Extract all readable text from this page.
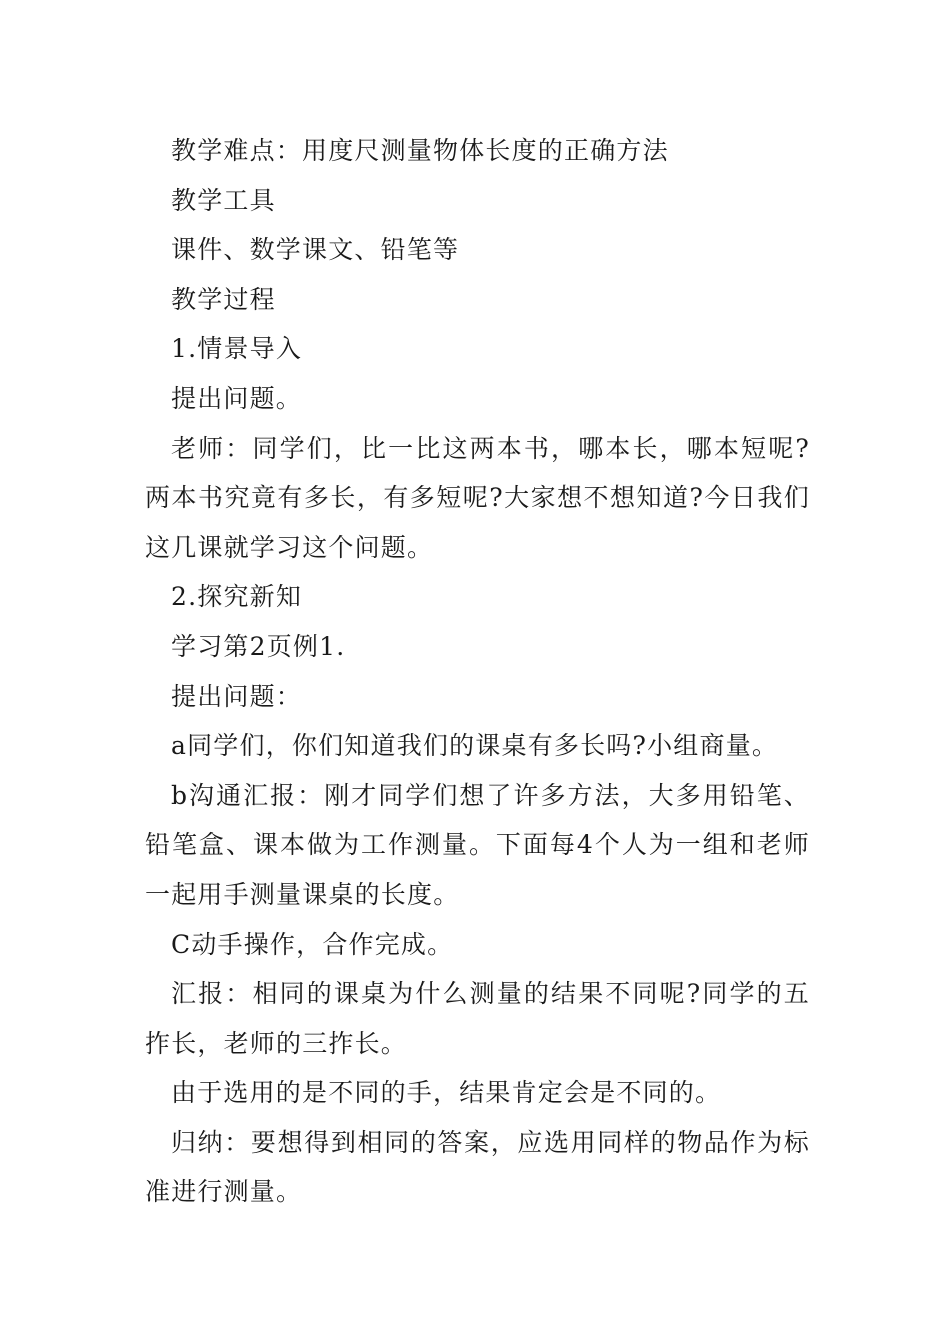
教学难点：用度尺测量物体长度的正确方法

教学工具

课件、数学课文、铅笔等

教学过程

1.情景导入

提出问题。

老师：同学们，比一比这两本书，哪本长，哪本短呢?两本书究竟有多长，有多短呢?大家想不想知道?今日我们这几课就学习这个问题。

2.探究新知

学习第2页例1.

提出问题：

a同学们，你们知道我们的课桌有多长吗?小组商量。

b沟通汇报：刚才同学们想了许多方法，大多用铅笔、铅笔盒、课本做为工作测量。下面每4个人为一组和老师一起用手测量课桌的长度。

C动手操作，合作完成。

汇报：相同的课桌为什么测量的结果不同呢?同学的五拃长，老师的三拃长。

由于选用的是不同的手，结果肯定会是不同的。

归纳：要想得到相同的答案，应选用同样的物品作为标准进行测量。
